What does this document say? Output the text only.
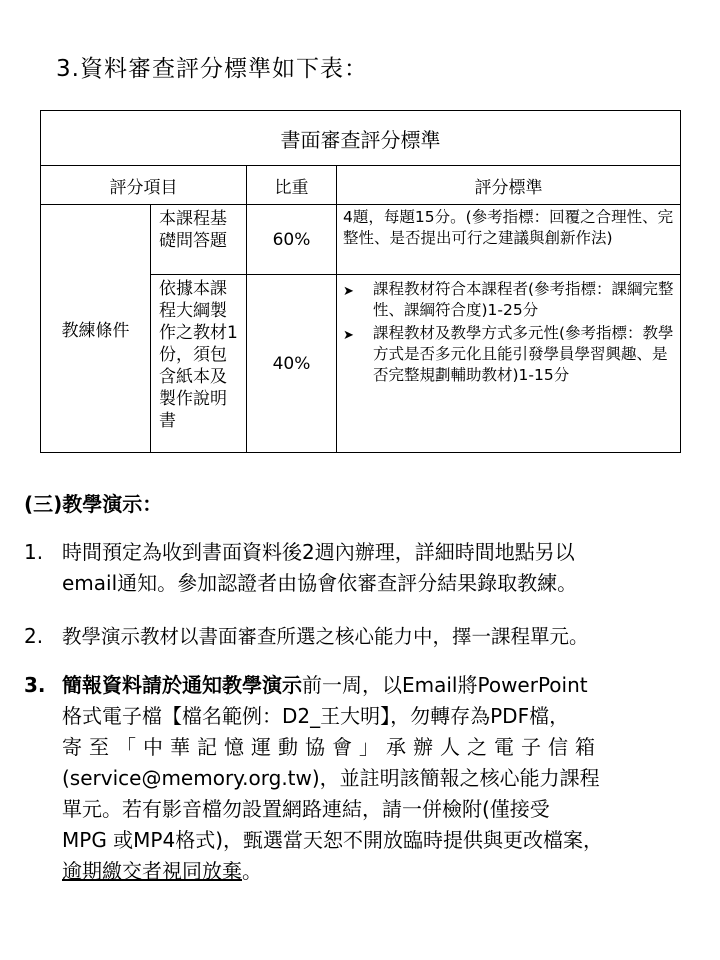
3.資料審查評分標準如下表：
書面審查評分標準			
評分項目		比重	評分標準
教練條件	本課程基礎問答題	60%	4題，每題15分。(參考指標：回覆之合理性、完整性、是否提出可行之建議與創新作法)
	依據本課程大綱製作之教材1份，須包含紙本及製作說明書	40%	➤ 課程教材符合本課程者(參考指標：課綱完整性、課綱符合度)1-25分
➤ 課程教材及教學方式多元性(參考指標：教學方式是否多元化且能引發學員學習興趣、是否完整規劃輔助教材)1-15分
(三)教學演示：
1. 時間預定為收到書面資料後2週內辦理，詳細時間地點另以
email通知。參加認證者由協會依審查評分結果錄取教練。
2. 教學演示教材以書面審查所選之核心能力中，擇一課程單元。
3. 簡報資料請於通知教學演示前一周，以Email將PowerPoint
格式電子檔【檔名範例：D2_王大明】，勿轉存為PDF檔，
寄至「中華記憶運動協會」承辦人之電子信箱
(service@memory.org.tw)，並註明該簡報之核心能力課程
單元。若有影音檔勿設置網路連結，請一併檢附(僅接受
MPG 或MP4格式)，甄選當天恕不開放臨時提供與更改檔案，
逾期繳交者視同放棄。
